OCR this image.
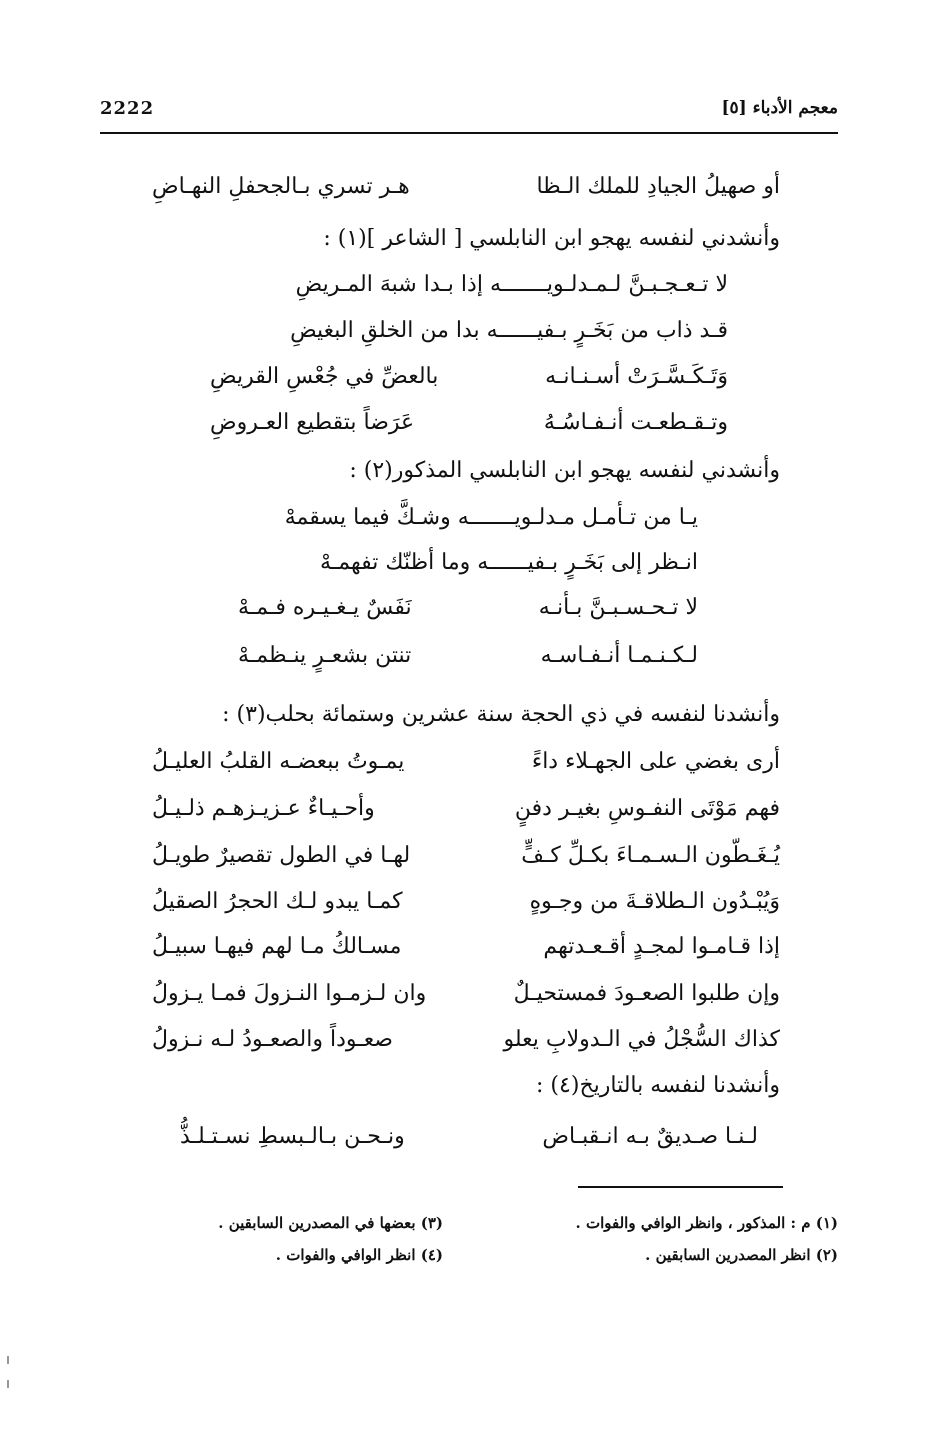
2222	معجم الأدباء [٥]
أو صهيلُ الجيادِ للملك الـظا
هـر تسري بـالجحفلِ النهـاضِ
وأنشدني لنفسه يهجو ابن النابلسي [ الشاعر ](١) :
لا تـعـجـبـنَّ لـمـدلـويـــــــه إذا بـدا شبهَ المـريضِ
قـد ذاب من بَخَـرٍ بـفيــــــه بدا من الخلقِ البغيضِ
وَتَـكَـسَّـرَتْ أسـنـانـه
بالعضِّ في جُعْسِ القريضِ
وتـقـطعـت أنـفـاسُـهُ
عَرَضاً بتقطيع العـروضِ
وأنشدني لنفسه يهجو ابن النابلسي المذكور(٢) :
يـا من تـأمـل مـدلـويـــــــه وشـكَّ فيما يسقمهْ
انـظر إلى بَخَـرٍ بـفيــــــه وما أظنّك تفهمـهْ
لا تـحـسـبـنَّ بـأنـه
نَفَسٌ يـغـيـره فـمـهْ
لـكـنـمـا أنـفـاسـه
تنتن بشعـرٍ ينـظمـهْ
وأنشدنا لنفسه في ذي الحجة سنة عشرين وستمائة بحلب(٣) :
أرى بغضي على الجهـلاء داءً
يمـوتُ ببعضـه القلبُ العليـلُ
فهم مَوْتَى النفـوسِ بغيـر دفنٍ
وأحـيـاءٌ عـزيـزهـم ذلـيـلُ
يُـغَـطّون الـسـمـاءَ بكـلِّ كـفٍّ
لهـا في الطول تقصيرٌ طويـلُ
وَيُبْـدُون الـطلاقـةَ من وجـوهٍ
كمـا يبدو لـك الحجرُ الصقيلُ
إذا قـامـوا لمجـدٍ أقـعـدتهم
مسـالكُ مـا لهم فيهـا سبيـلُ
وإن طلبوا الصعـودَ فمستحيـلٌ
وان لـزمـوا النـزولَ فمـا يـزولُ
كذاك السُّجْلُ في الـدولابِ يعلو
صعـوداً والصعـودُ لـه نـزولُ
وأنشدنا لنفسه بالتاريخ(٤) :
لـنـا صـديقٌ بـه انـقبـاض
ونـحـن بـالـبسطِ نسـتـلـذُّ
(١) م : المذكور ، وانظر الوافي والفوات .
(٢) انظر المصدرين السابقين .
(٣) بعضها في المصدرين السابقين .
(٤) انظر الوافي والفوات .
